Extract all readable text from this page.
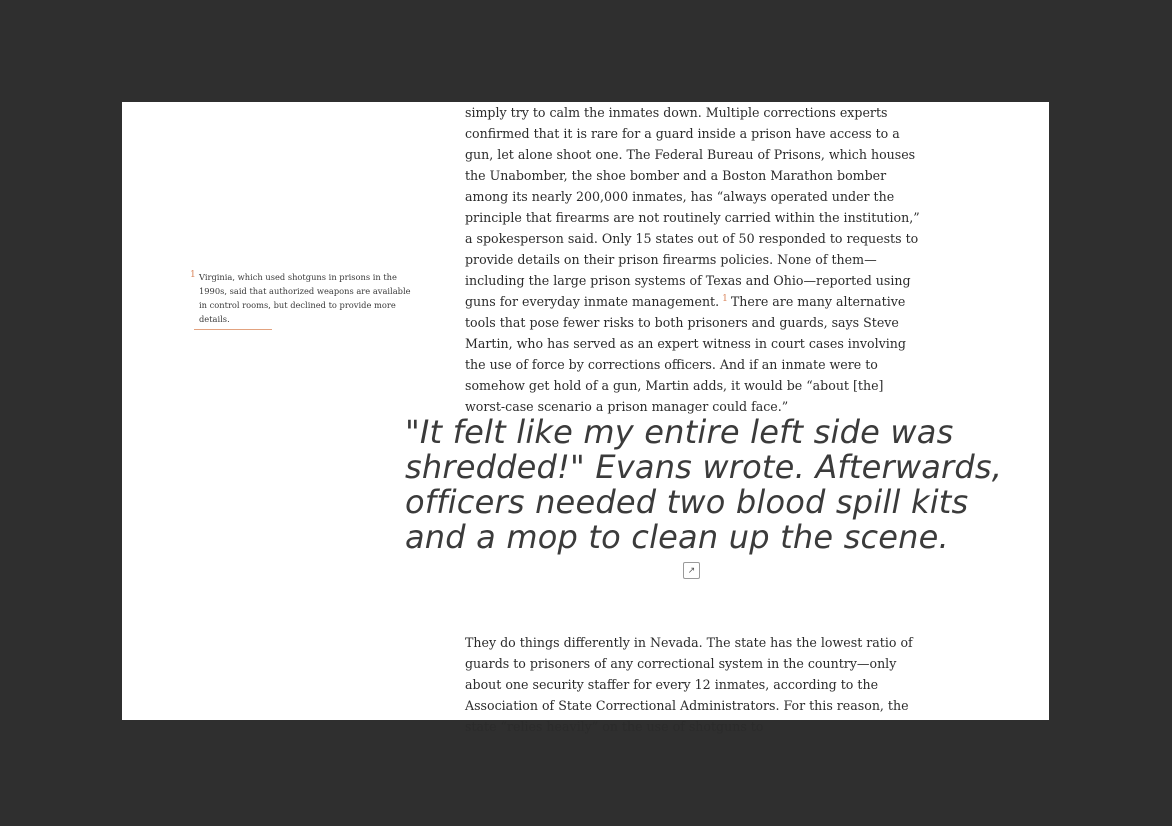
simply try to calm the inmates down. Multiple corrections experts confirmed that it is rare for a guard inside a prison have access to a gun, let alone shoot one. The Federal Bureau of Prisons, which houses the Unabomber, the shoe bomber and a Boston Marathon bomber among its nearly 200,000 inmates, has “always operated under the principle that firearms are not routinely carried within the institution,” a spokesperson said. Only 15 states out of 50 responded to requests to provide details on their prison firearms policies. None of them—including the large prison systems of Texas and Ohio—reported using guns for everyday inmate management. $^1$ There are many alternative tools that pose fewer risks to both prisoners and guards, says Steve Martin, who has served as an expert witness in court cases involving the use of force by corrections officers. And if an inmate were to somehow get hold of a gun, Martin adds, it would be “about [the] worst-case scenario a prison manager could face.”

1 Virginia, which used shotguns in prisons in the 1990s, said that authorized weapons are available in control rooms, but declined to provide more details.

"It felt like my entire left side was shredded!" Evans wrote. Afterwards, officers needed two blood spill kits and a mop to clean up the scene.
↗

They do things differently in Nevada. The state has the lowest ratio of guards to prisoners of any correctional system in the country—only about one security staffer for every 12 inmates, according to the Association of State Correctional Administrators. For this reason, the state “relies heavily” on the use of shotguns to
